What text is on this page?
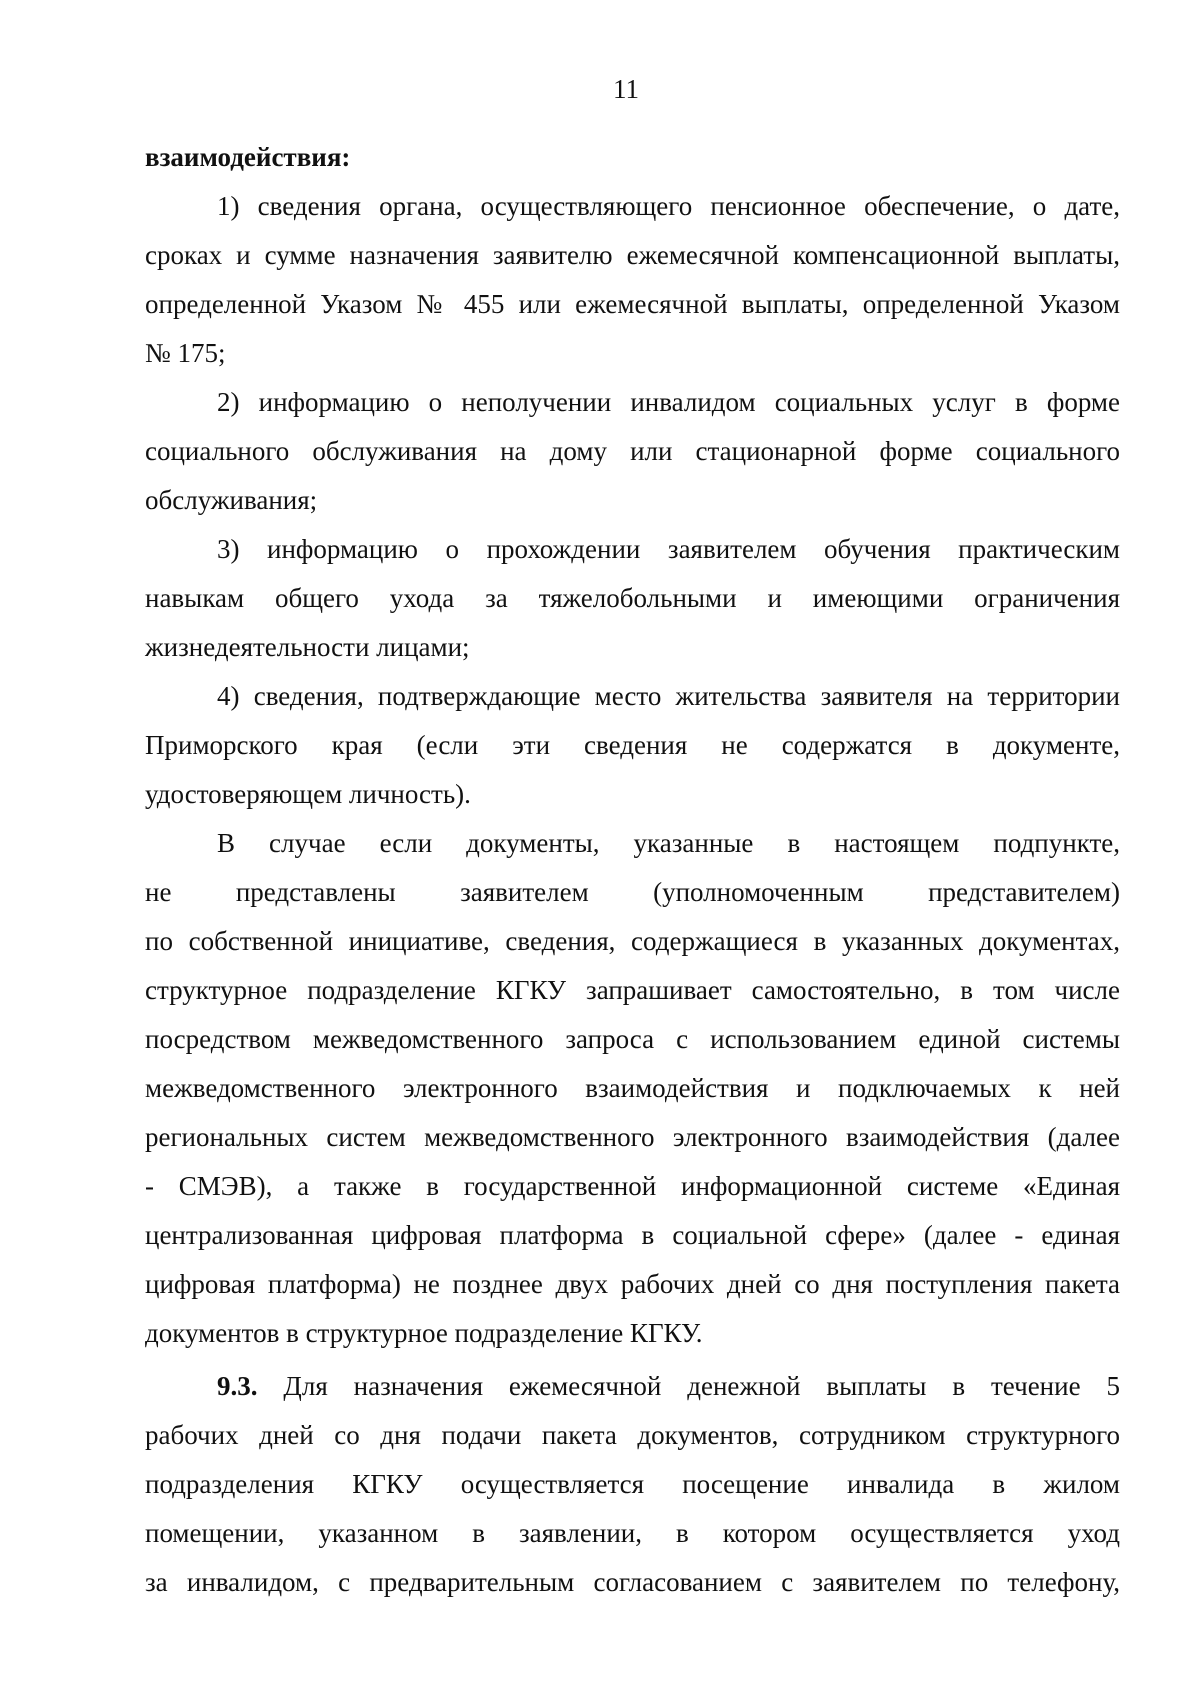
11

взаимодействия:

1) сведения органа, осуществляющего пенсионное обеспечение, о дате,
сроках и сумме назначения заявителю ежемесячной компенсационной выплаты,
определенной Указом № 455 или ежемесячной выплаты, определенной Указом
№ 175;
2) информацию о неполучении инвалидом социальных услуг в форме
социального обслуживания на дому или стационарной форме социального
обслуживания;
3) информацию о прохождении заявителем обучения практическим
навыкам общего ухода за тяжелобольными и имеющими ограничения
жизнедеятельности лицами;
4) сведения, подтверждающие место жительства заявителя на территории
Приморского края (если эти сведения не содержатся в документе,
удостоверяющем личность).
В случае если документы, указанные в настоящем подпункте,
не представлены заявителем (уполномоченным представителем)
по собственной инициативе, сведения, содержащиеся в указанных документах,
структурное подразделение КГКУ запрашивает самостоятельно, в том числе
посредством межведомственного запроса с использованием единой системы
межведомственного электронного взаимодействия и подключаемых к ней
региональных систем межведомственного электронного взаимодействия (далее
- СМЭВ), а также в государственной информационной системе «Единая
централизованная цифровая платформа в социальной сфере» (далее - единая
цифровая платформа) не позднее двух рабочих дней со дня поступления пакета
документов в структурное подразделение КГКУ.
9.3. Для назначения ежемесячной денежной выплаты в течение 5
рабочих дней со дня подачи пакета документов, сотрудником структурного
подразделения КГКУ осуществляется посещение инвалида в жилом
помещении, указанном в заявлении, в котором осуществляется уход
за инвалидом, с предварительным согласованием с заявителем по телефону,
